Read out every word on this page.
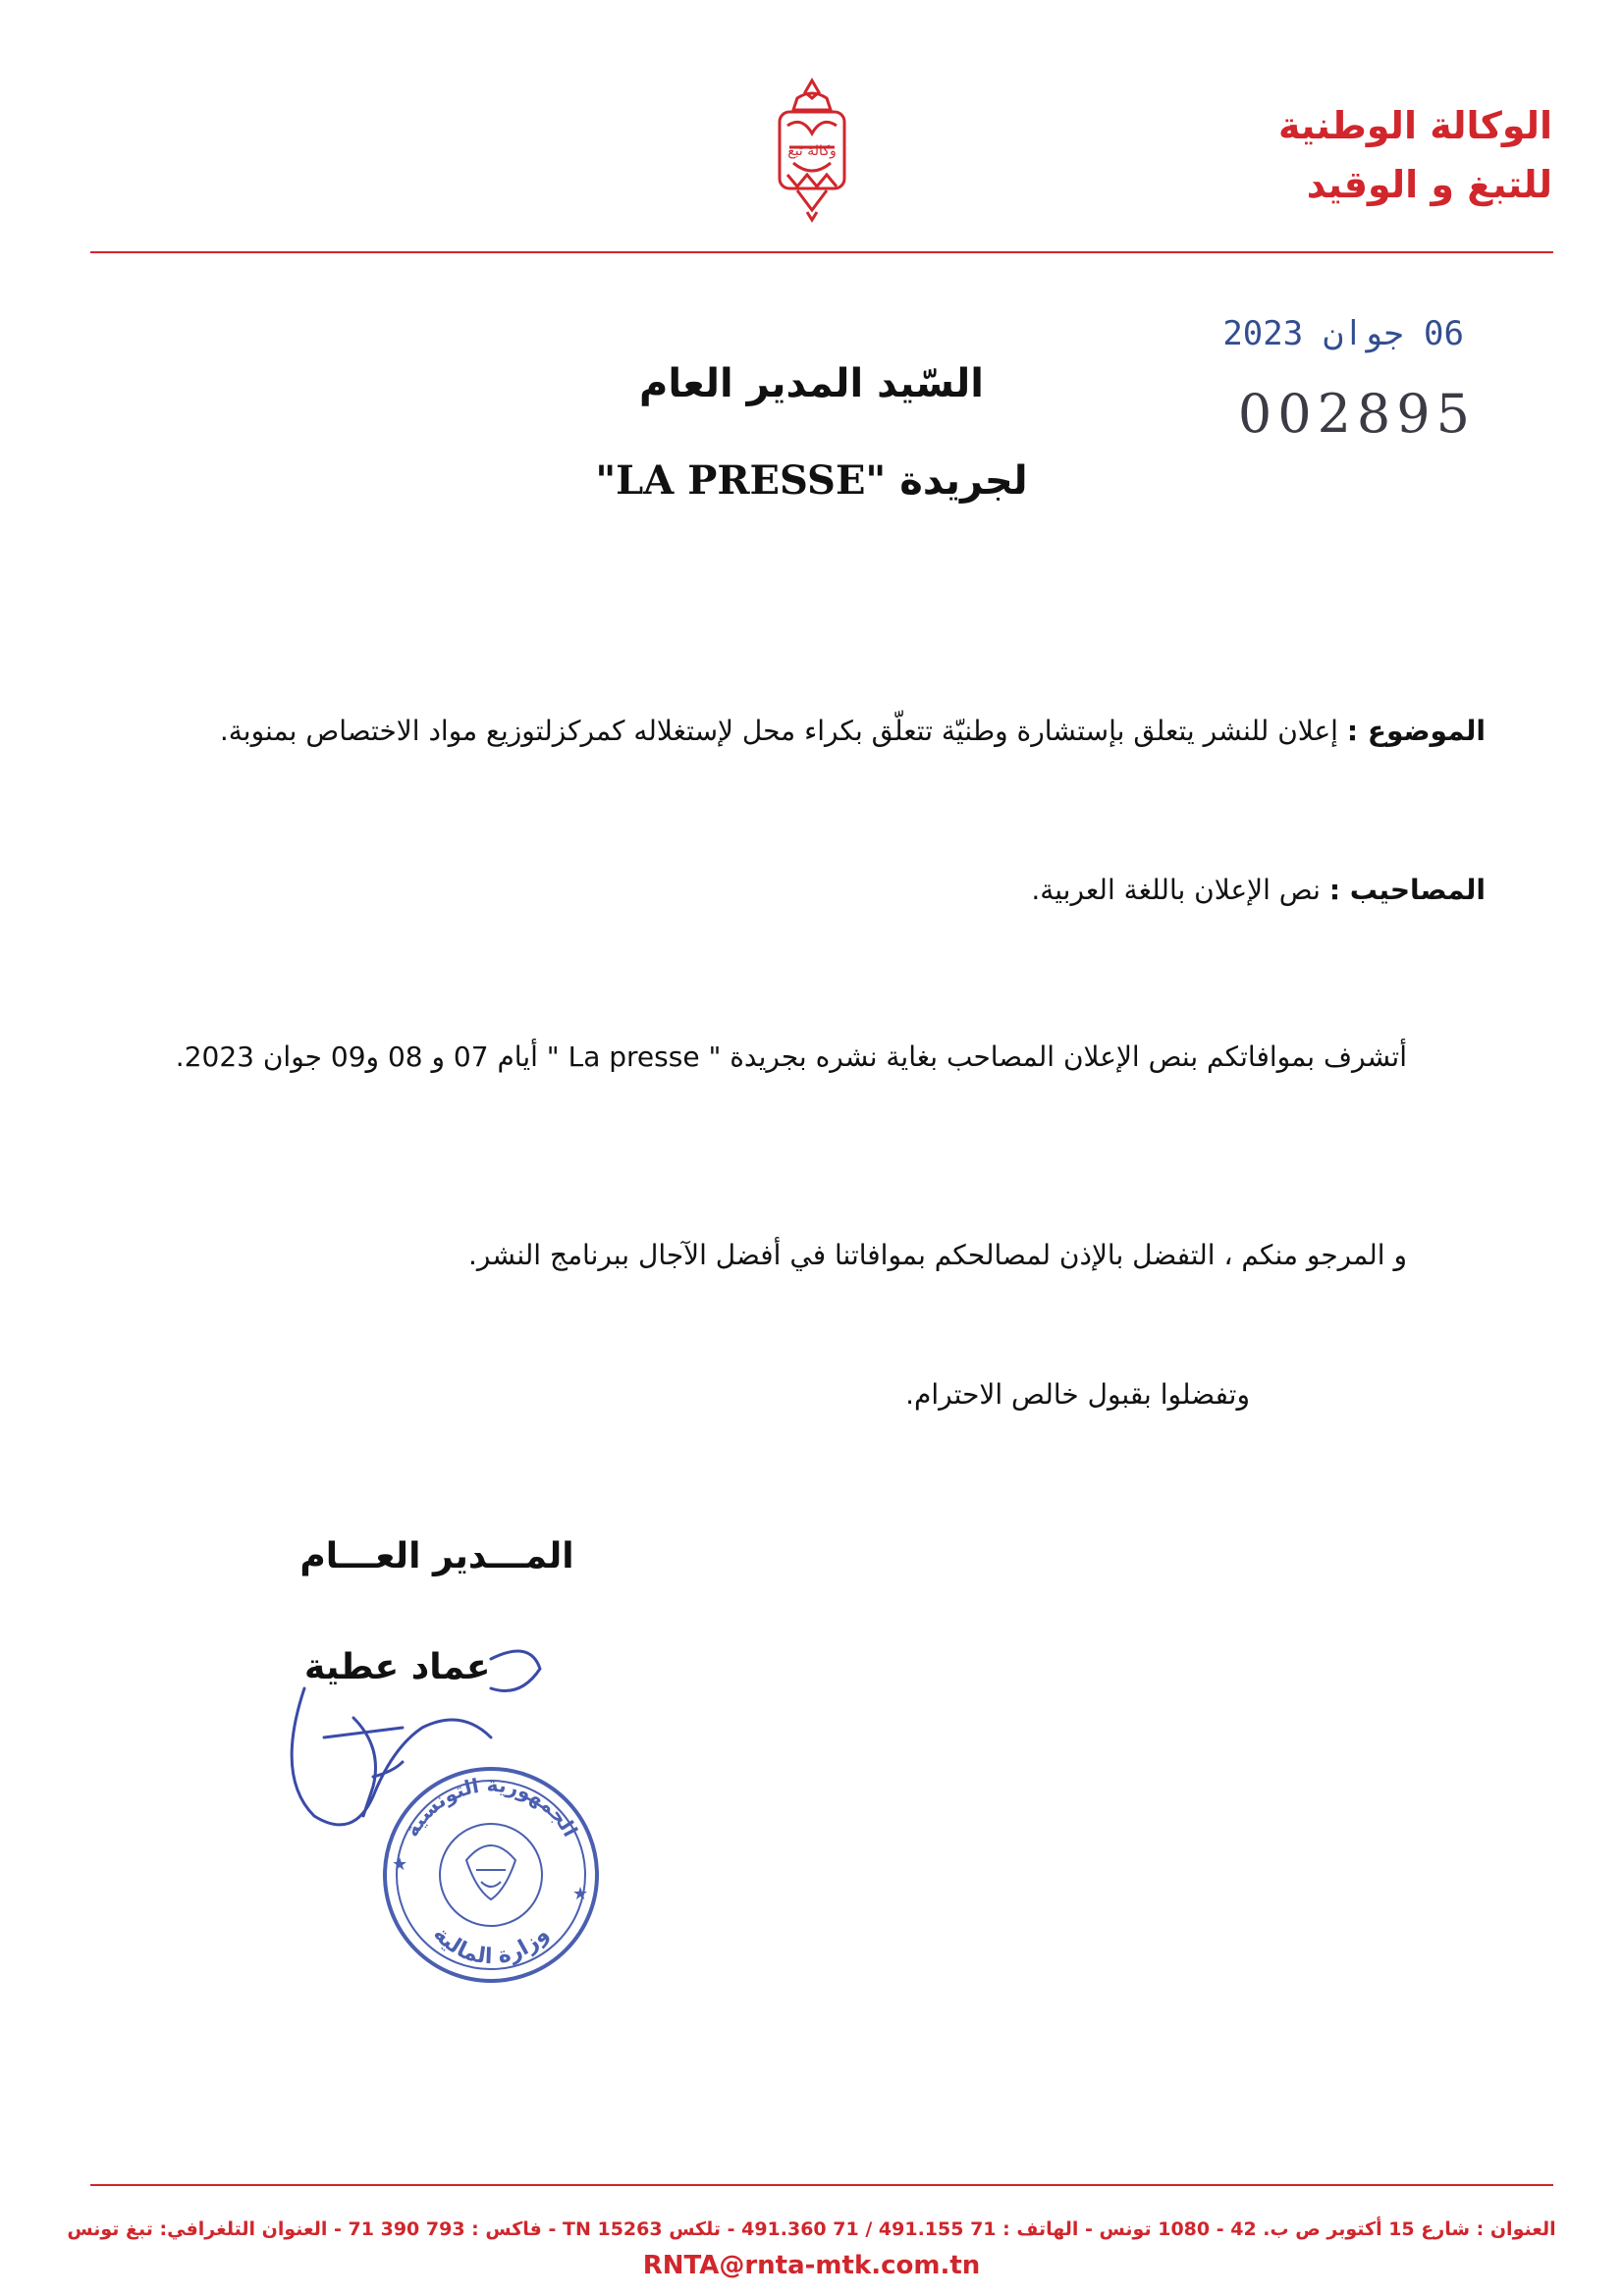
الوكالة الوطنية
للتبغ و الوقيد
وكالة تبغ
06 جوان 2023
002895
السّيد المدير العام
لجريدة "LA PRESSE"
الموضوع : إعلان للنشر يتعلق بإستشارة وطنيّة تتعلّق بكراء محل لإستغلاله كمركزلتوزيع مواد الاختصاص بمنوبة.
المصاحيب : نص الإعلان باللغة العربية.
أتشرف بموافاتكم بنص الإعلان المصاحب بغاية نشره بجريدة " La presse " أيام 07 و 08 و09 جوان 2023.
و المرجو منكم ، التفضل بالإذن لمصالحكم بموافاتنا في أفضل الآجال ببرنامج النشر.
وتفضلوا بقبول خالص الاحترام.
المـــدير العـــام
عماد عطية
الجمهورية التونسية
وزارة المالية
★
★
العنوان : شارع 15 أكتوبر ص ب. 42 - 1080 تونس - الهاتف : 71 491.155 / 71 491.360 - تلكس TN 15263 - فاكس : 793 390 71 - العنوان التلغرافي: تبغ تونس
RNTA@rnta-mtk.com.tn
